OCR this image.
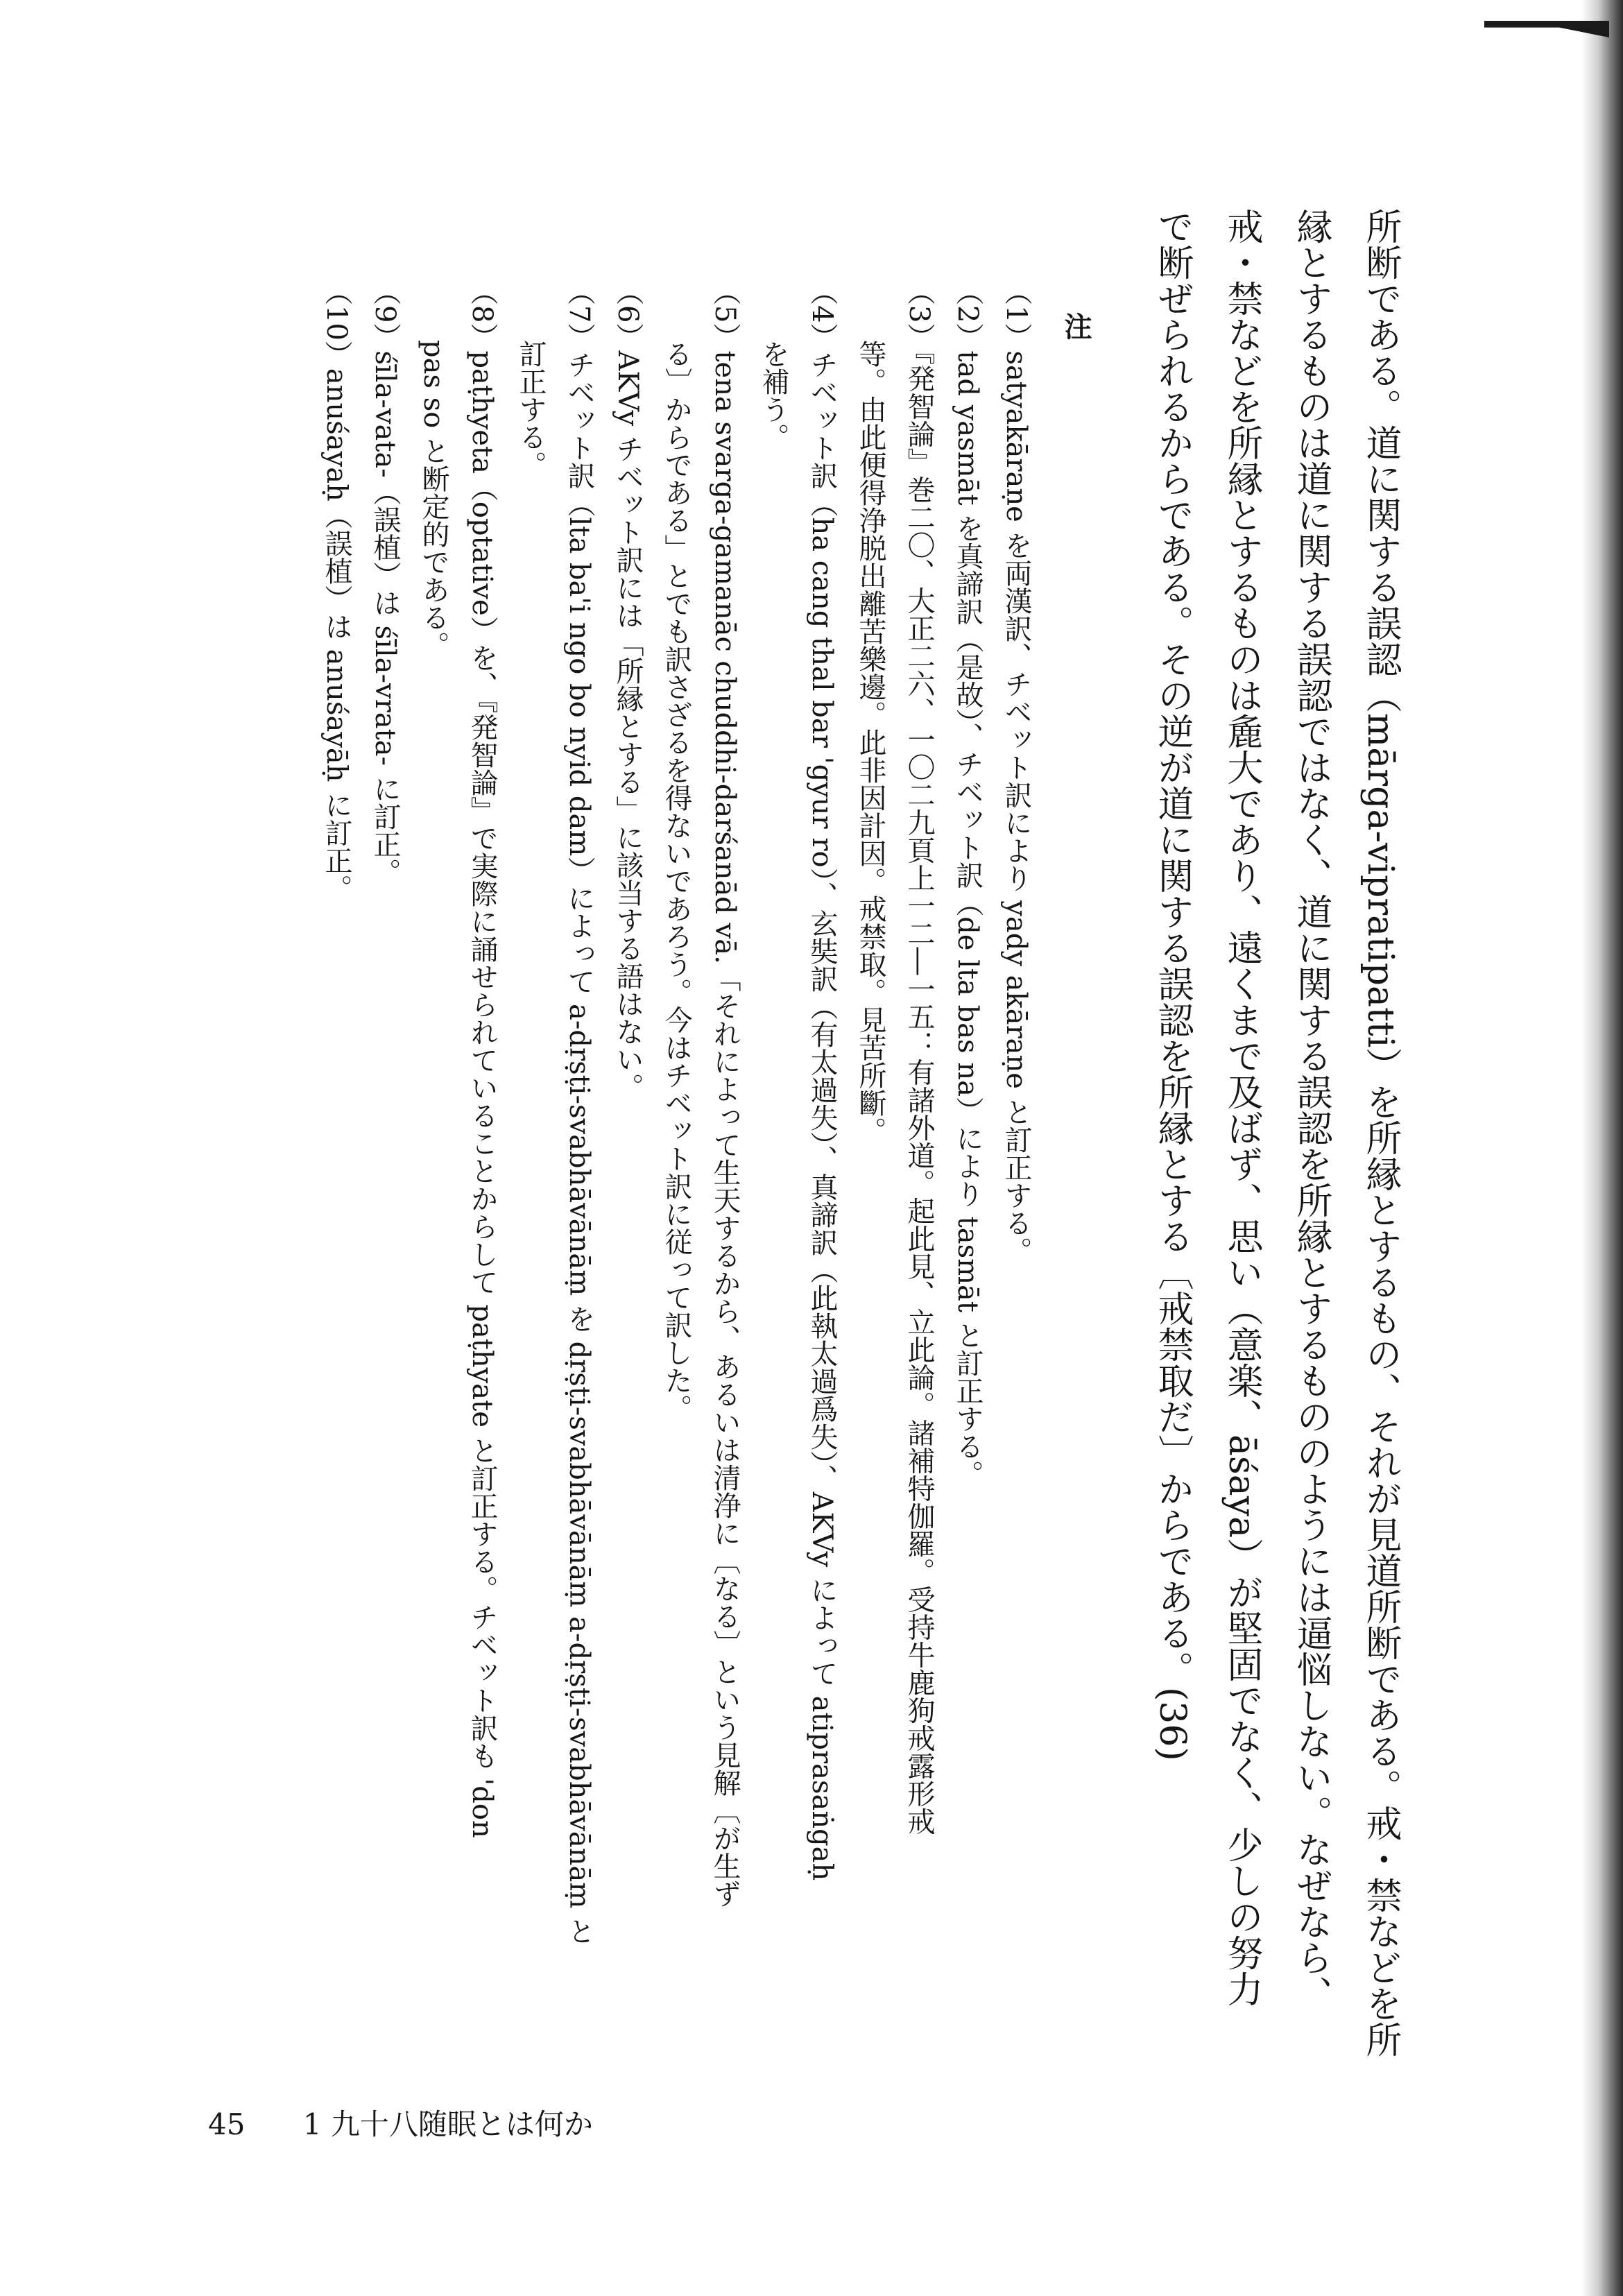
所断である。道に関する誤認（mārga-vipratipatti）を所縁とするもの、それが見道所断である。戒・禁などを所

縁とするものは道に関する誤認ではなく、道に関する誤認を所縁とするもののようには逼悩しない。なぜなら、

戒・禁などを所縁とするものは麁大であり、遠くまで及ばず、思い（意楽、āśaya）が堅固でなく、少しの努力

で断ぜられるからである。その逆が道に関する誤認を所縁とする〔戒禁取だ〕からである。(36)

注

（1）satyakāraṇe を両漢訳、チベット訳により yady akāraṇe と訂正する。

（2）tad yasmāt を真諦訳（是故）、チベット訳（de lta bas na）により tasmāt と訂正する。

（3）『発智論』巻二〇、大正二六、一〇二九頁上一二―一五：有諸外道。起此見、立此論。諸補特伽羅。受持牛鹿狗戒露形戒

等。由此便得浄脱出離苦樂邊。此非因計因。戒禁取。見苦所斷。

（4）チベット訳（ha cang thal bar 'gyur ro）、玄奘訳（有太過失）、真諦訳（此執太過爲失）、AKVy によって atiprasaṅgaḥ

を補う。

（5）tena svarga-gamanāc chuddhi-darśanād vā.「それによって生天するから、あるいは清浄に〔なる〕という見解〔が生ず

る〕からである」とでも訳さざるを得ないであろう。今はチベット訳に従って訳した。

（6）AKVy チベット訳には「所縁とする」に該当する語はない。

（7）チベット訳（lta ba'i ngo bo nyid dam）によって a-dṛṣṭi-svabhāvānāṃ を dṛṣṭi-svabhāvānāṃ a-dṛṣṭi-svabhāvānāṃ と

訂正する。

（8）paṭhyeta（optative）を、『発智論』で実際に誦せられていることからして paṭhyate と訂正する。チベット訳も 'don

pas so と断定的である。

（9）śīla-vata-（誤植）は śīla-vrata- に訂正。

（10）anuśayaḥ（誤植）は anuśayāḥ に訂正。

45 1 九十八随眠とは何か
